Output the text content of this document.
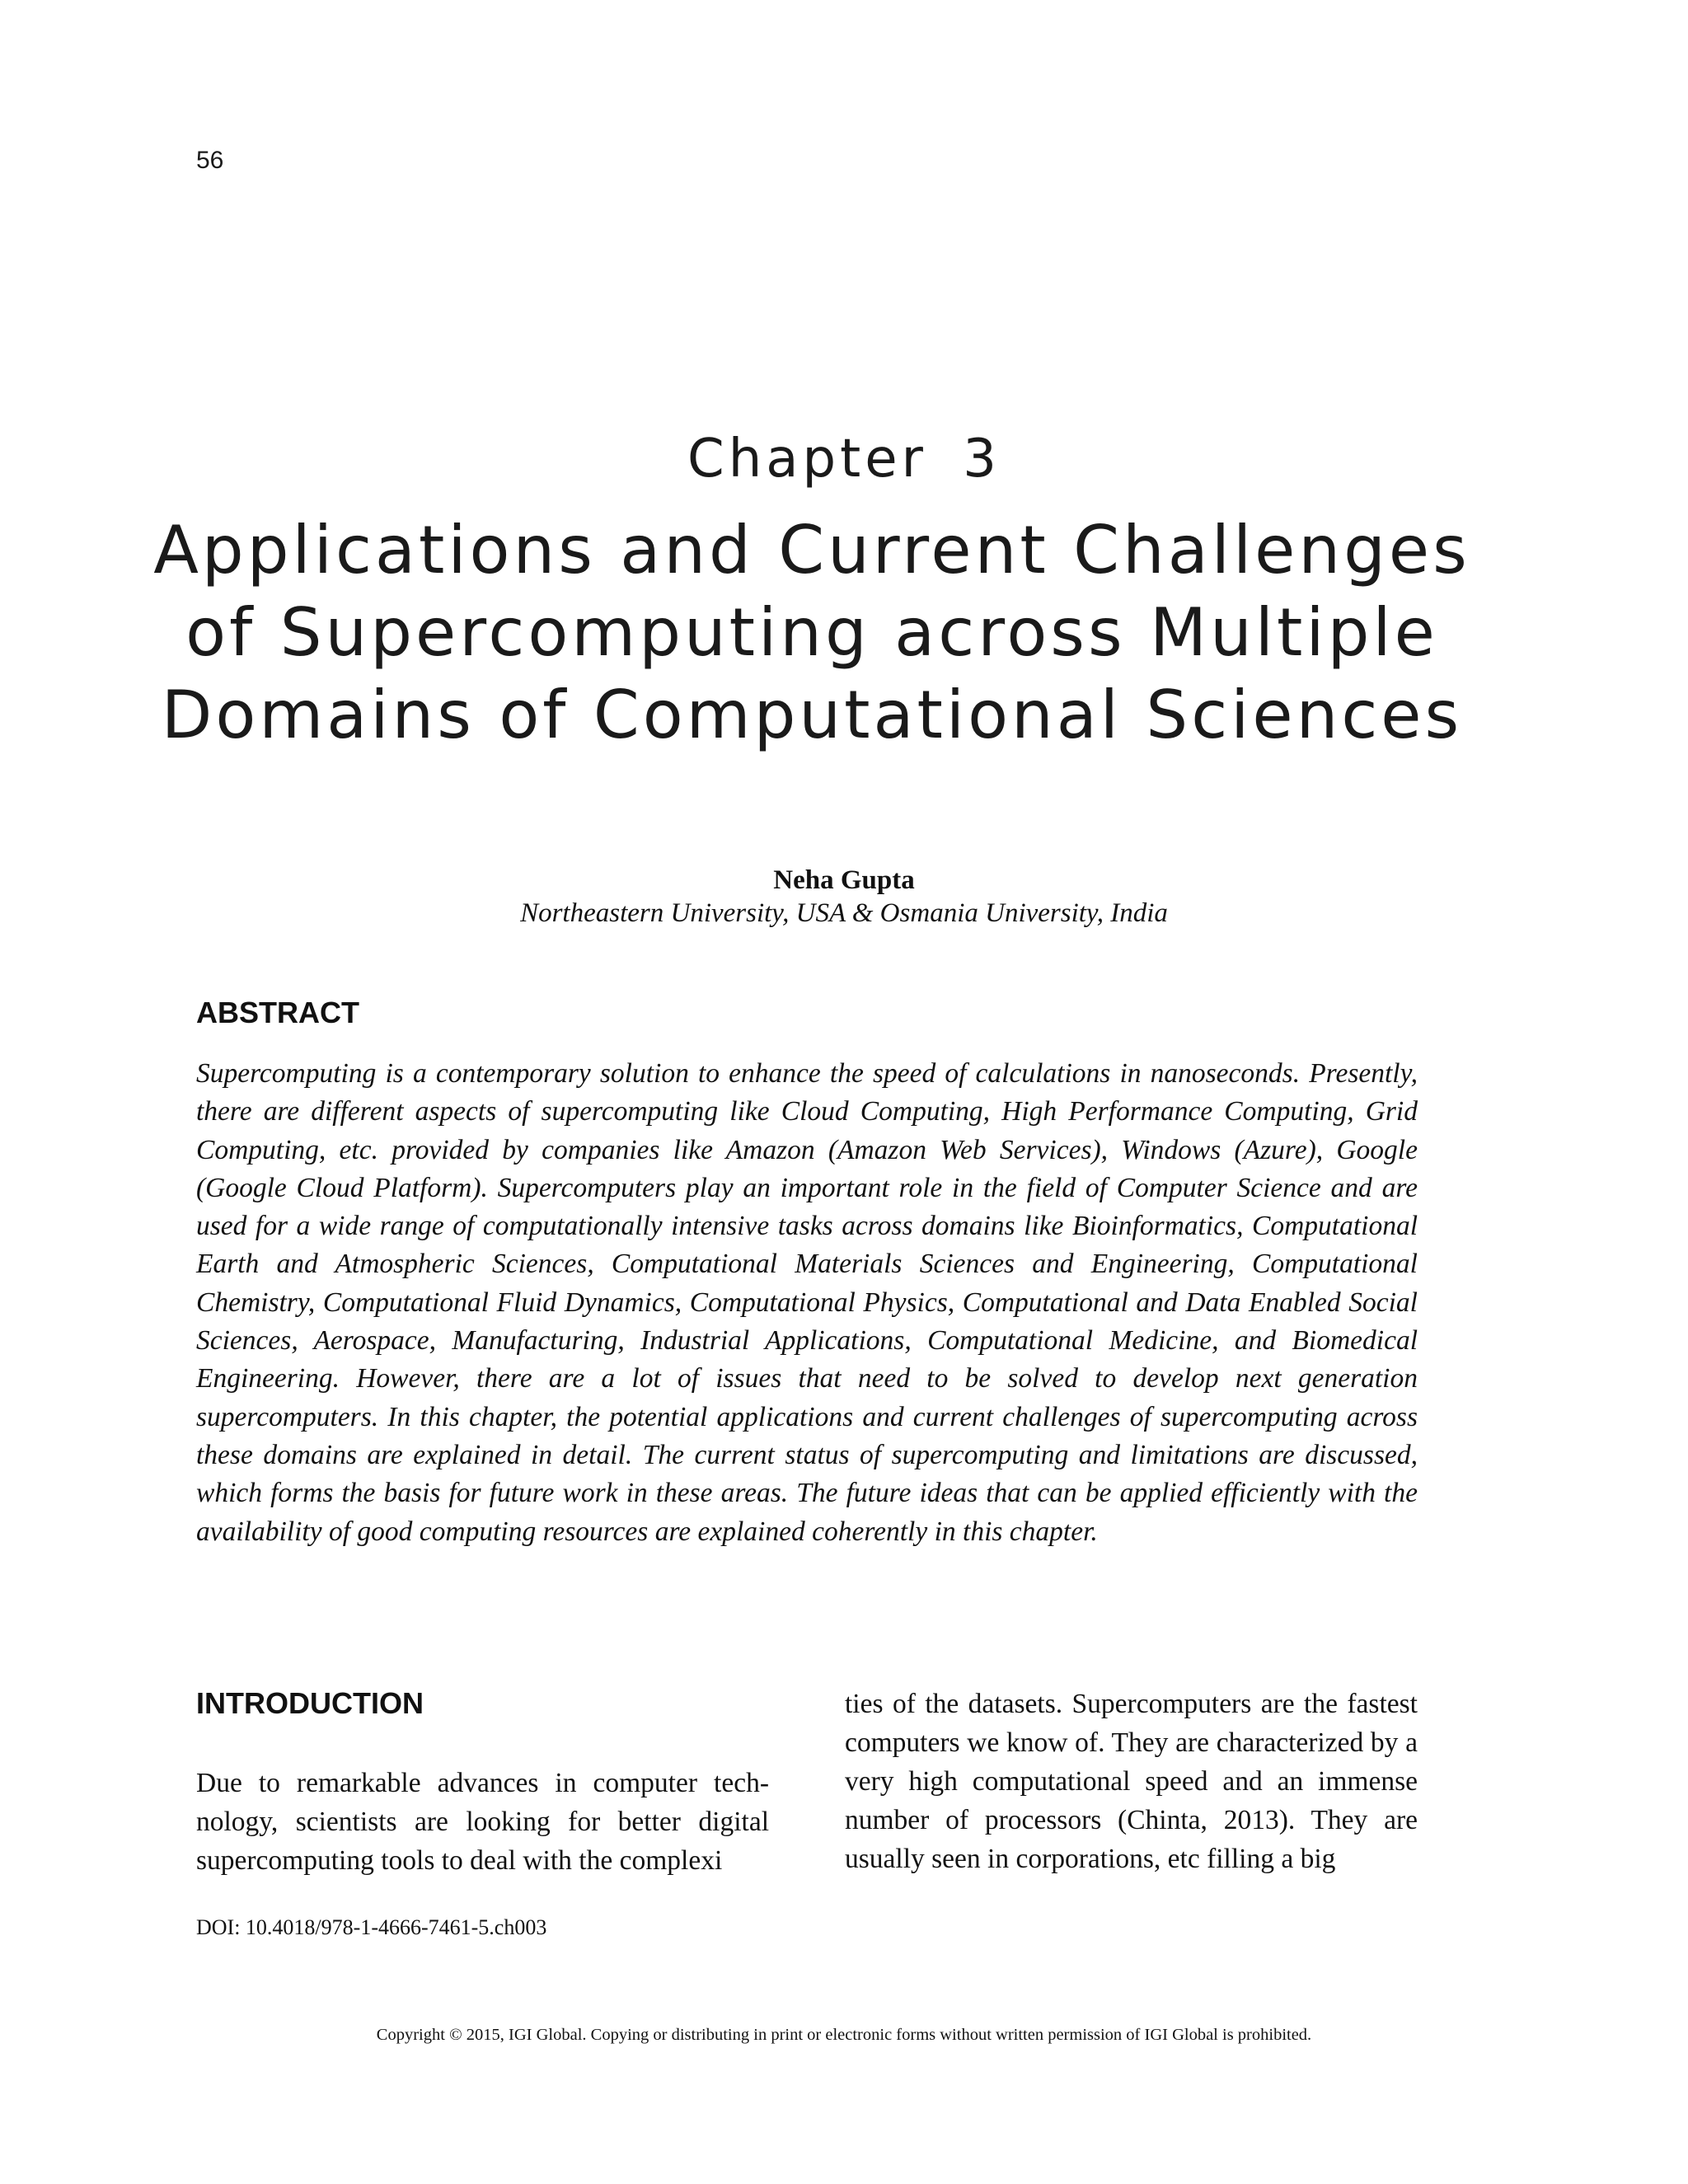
56
Chapter 3
Applications and Current Challenges of Supercomputing across Multiple Domains of Computational Sciences
Neha Gupta
Northeastern University, USA & Osmania University, India
ABSTRACT

Supercomputing is a contemporary solution to enhance the speed of calculations in nanoseconds. Presently, there are different aspects of supercomputing like Cloud Computing, High Performance Computing, Grid Computing, etc. provided by companies like Amazon (Amazon Web Services), Windows (Azure), Google (Google Cloud Platform). Supercomputers play an important role in the field of Computer Science and are used for a wide range of computationally intensive tasks across domains like Bioinformatics, Computational Earth and Atmospheric Sciences, Computational Materials Sciences and Engineering, Computational Chemistry, Computational Fluid Dynamics, Computational Physics, Computational and Data Enabled Social Sciences, Aerospace, Manufacturing, Industrial Applications, Computational Medicine, and Biomedical Engineering. However, there are a lot of issues that need to be solved to develop next generation supercomputers. In this chapter, the potential applications and current challenges of supercomputing across these domains are explained in detail. The current status of supercomputing and limitations are discussed, which forms the basis for future work in these areas. The future ideas that can be applied efficiently with the availability of good computing resources are explained coherently in this chapter.

INTRODUCTION

Due to remarkable advances in computer technology, scientists are looking for better digital supercomputing tools to deal with the complexi

ties of the datasets. Supercomputers are the fastest computers we know of. They are characterized by a very high computational speed and an immense number of processors (Chinta, 2013). They are usually seen in corporations, etc filling a big

DOI: 10.4018/978-1-4666-7461-5.ch003
Copyright © 2015, IGI Global. Copying or distributing in print or electronic forms without written permission of IGI Global is prohibited.
